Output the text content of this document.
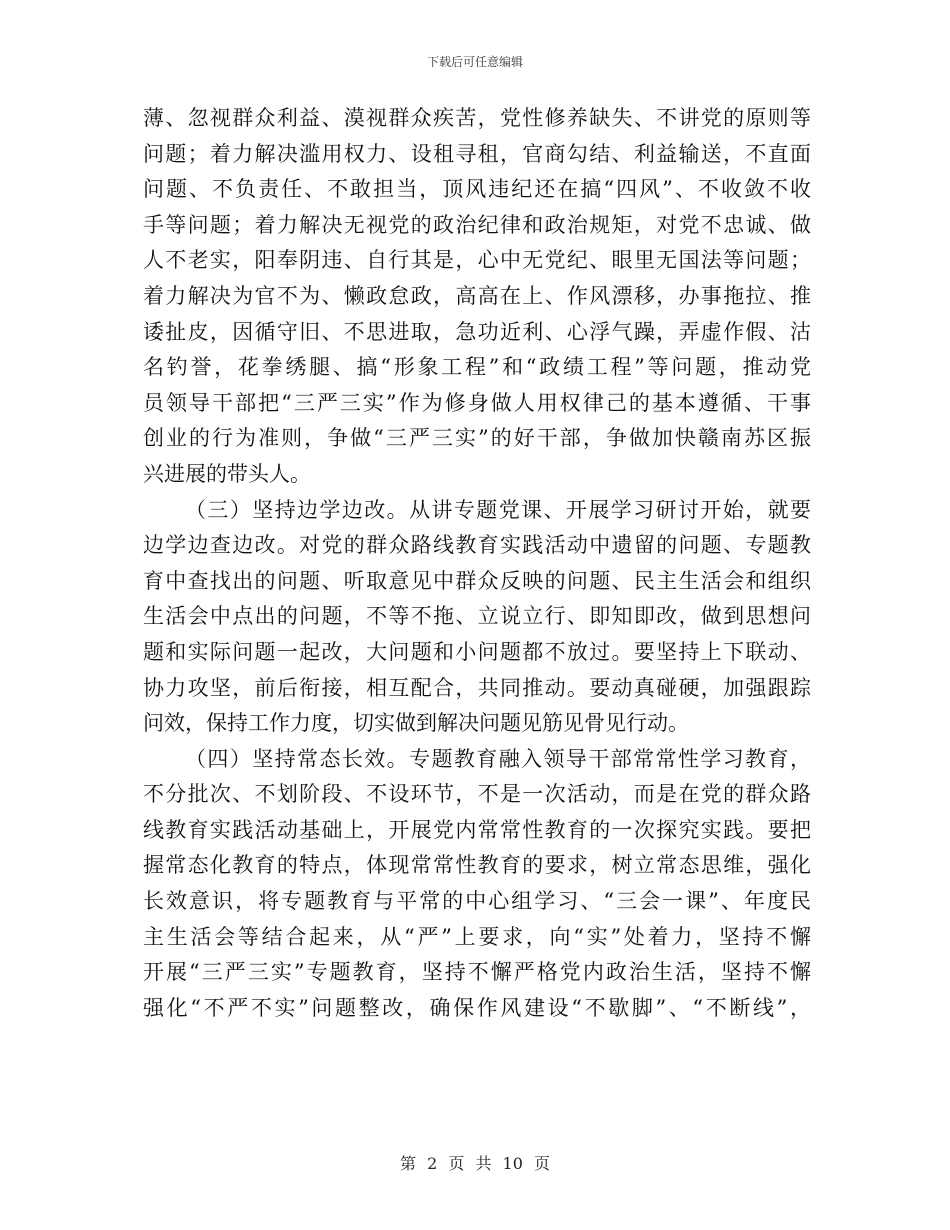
下载后可任意编辑
薄、忽视群众利益、漠视群众疾苦，党性修养缺失、不讲党的原则等
问题；着力解决滥用权力、设租寻租，官商勾结、利益输送，不直面
问题、不负责任、不敢担当，顶风违纪还在搞“四风”、不收敛不收
手等问题；着力解决无视党的政治纪律和政治规矩，对党不忠诚、做
人不老实，阳奉阴违、自行其是，心中无党纪、眼里无国法等问题；
着力解决为官不为、懒政怠政，高高在上、作风漂移，办事拖拉、推
诿扯皮，因循守旧、不思进取，急功近利、心浮气躁，弄虚作假、沽
名钓誉，花拳绣腿、搞“形象工程”和“政绩工程”等问题，推动党
员领导干部把“三严三实”作为修身做人用权律己的基本遵循、干事
创业的行为准则，争做“三严三实”的好干部，争做加快赣南苏区振
兴进展的带头人。
（三）坚持边学边改。从讲专题党课、开展学习研讨开始，就要
边学边查边改。对党的群众路线教育实践活动中遗留的问题、专题教
育中查找出的问题、听取意见中群众反映的问题、民主生活会和组织
生活会中点出的问题，不等不拖、立说立行、即知即改，做到思想问
题和实际问题一起改，大问题和小问题都不放过。要坚持上下联动、
协力攻坚，前后衔接，相互配合，共同推动。要动真碰硬，加强跟踪
问效，保持工作力度，切实做到解决问题见筋见骨见行动。
（四）坚持常态长效。专题教育融入领导干部常常性学习教育，
不分批次、不划阶段、不设环节，不是一次活动，而是在党的群众路
线教育实践活动基础上，开展党内常常性教育的一次探究实践。要把
握常态化教育的特点，体现常常性教育的要求，树立常态思维，强化
长效意识，将专题教育与平常的中心组学习、“三会一课”、年度民
主生活会等结合起来，从“严”上要求，向“实”处着力，坚持不懈
开展“三严三实”专题教育，坚持不懈严格党内政治生活，坚持不懈
强化“不严不实”问题整改，确保作风建设“不歇脚”、“不断线”，
第 2 页 共 10 页
